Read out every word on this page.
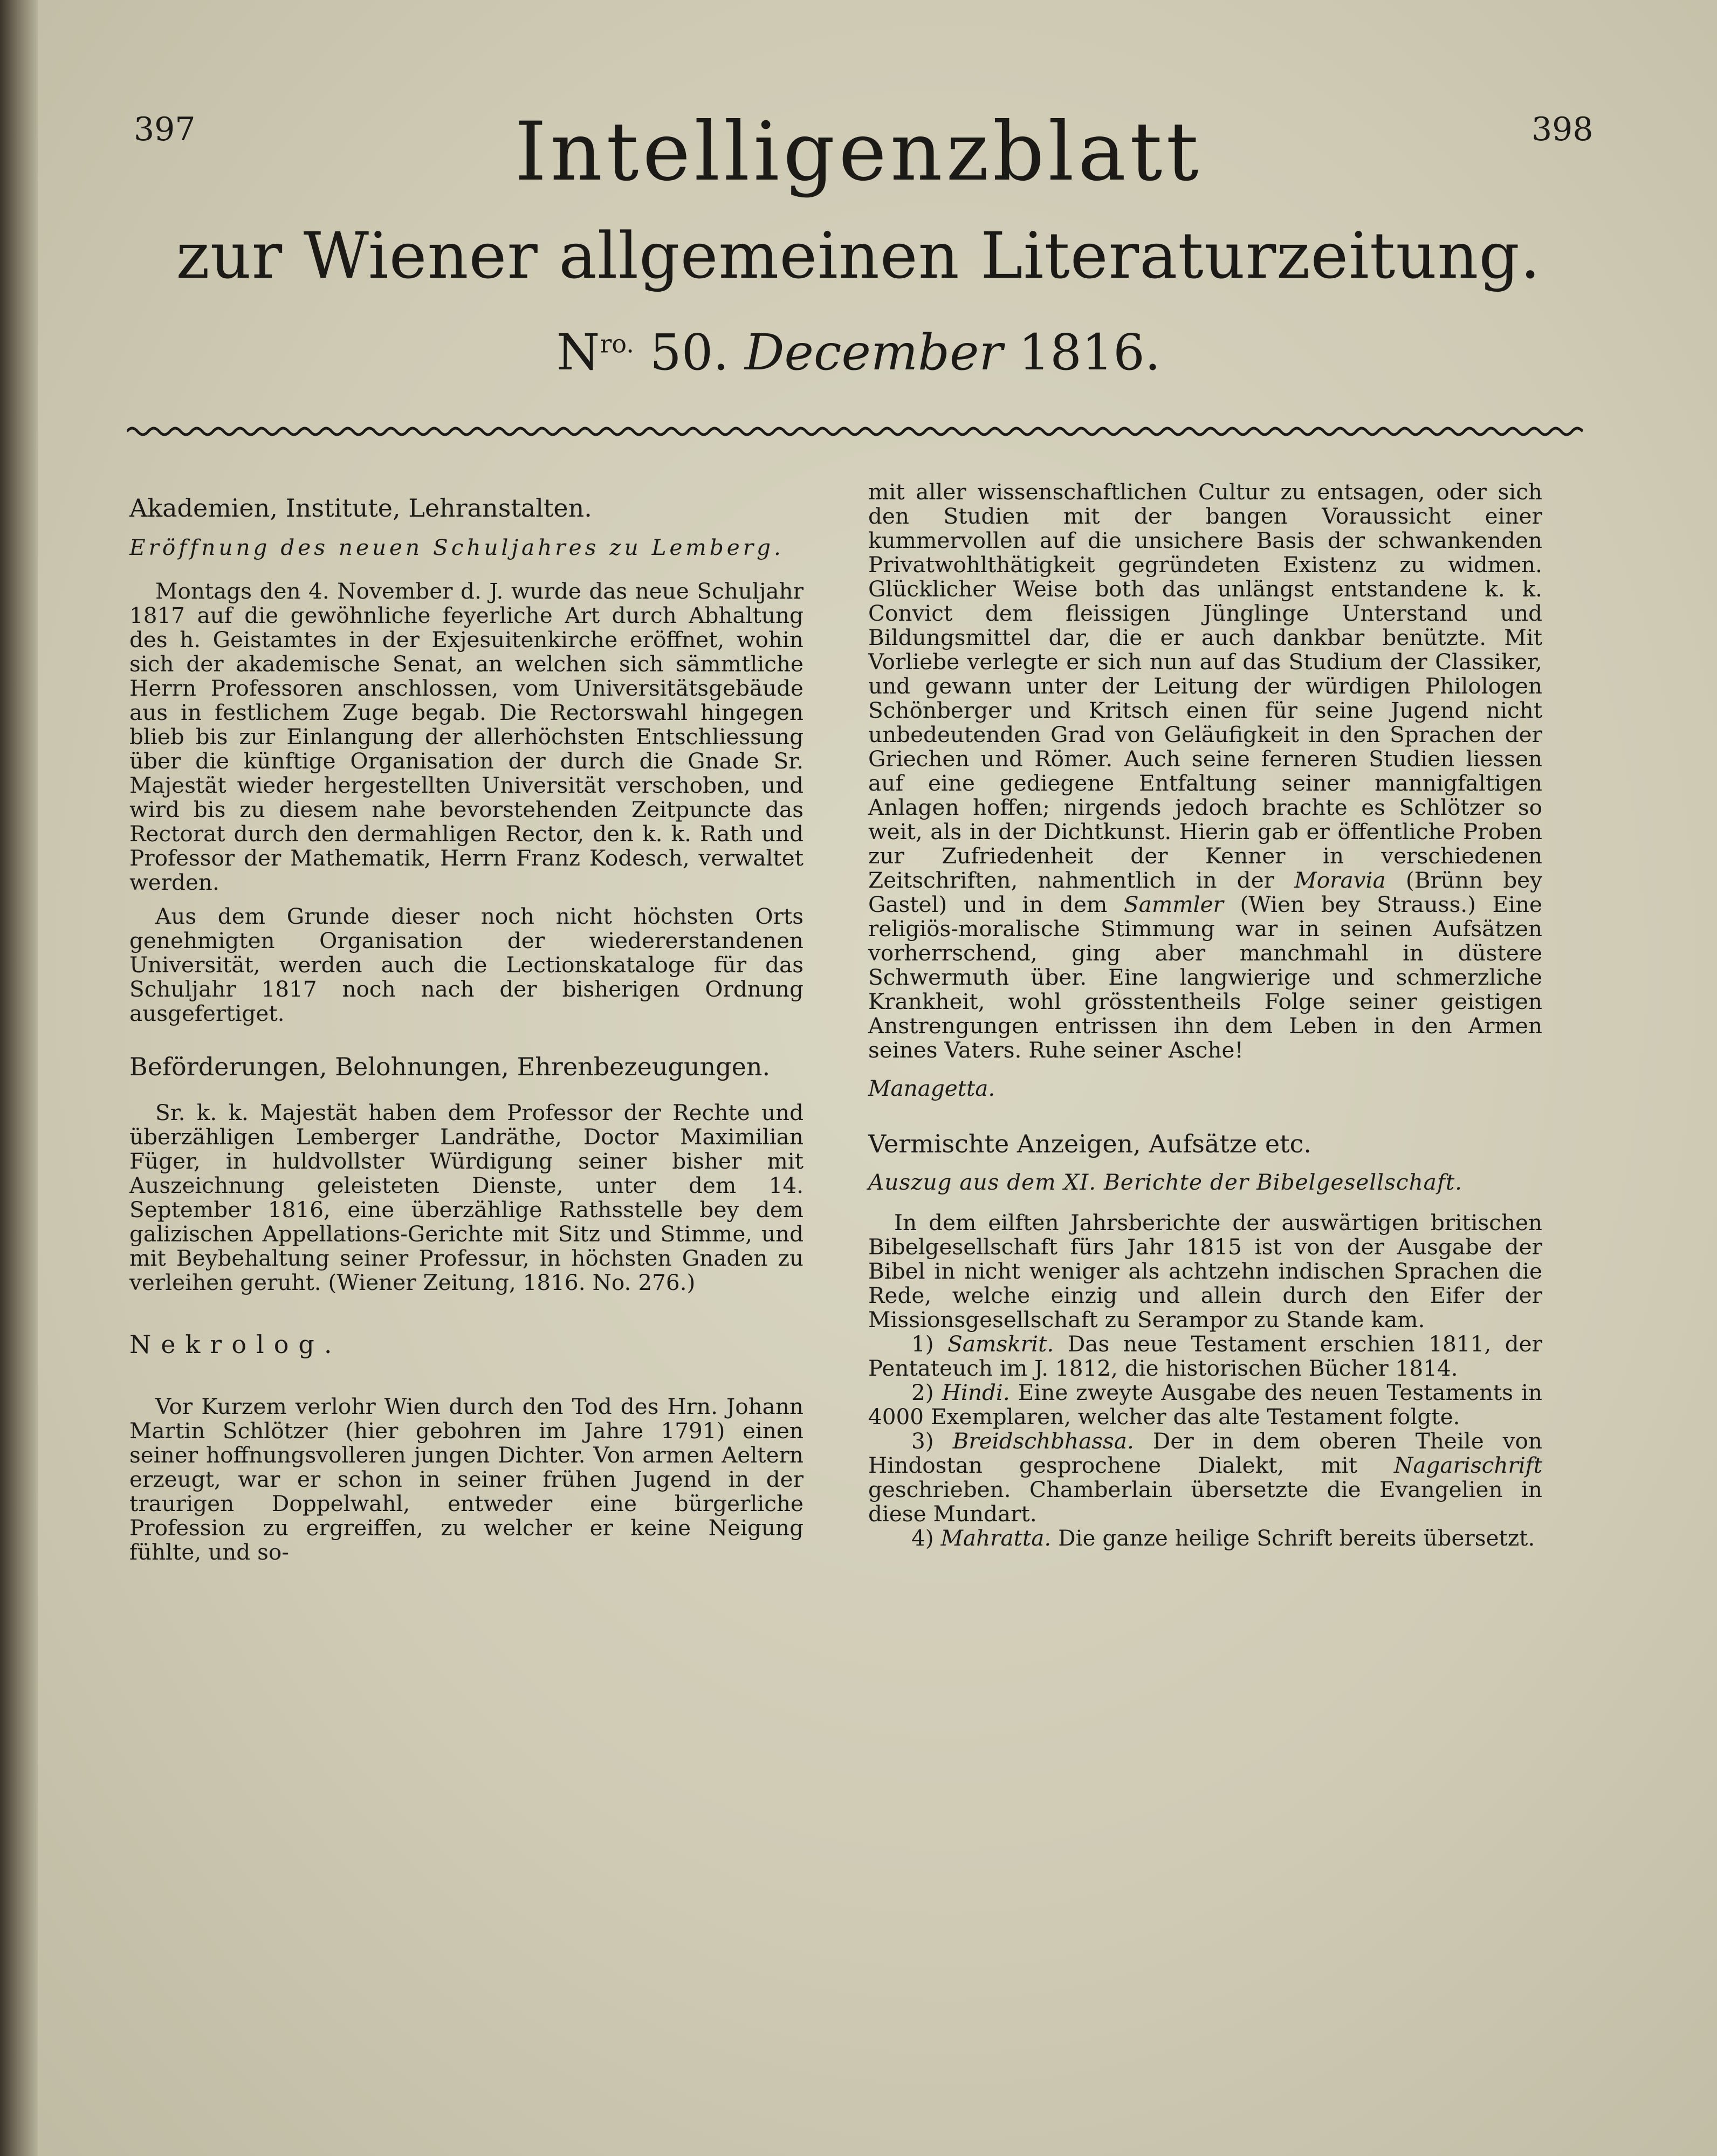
397	398
Intelligenzblatt
zur Wiener allgemeinen Literaturzeitung.
$N^{ro.}$ 50. December 1816.

Akademien, Institute, Lehranstalten.

Eröffnung des neuen Schuljahres zu Lemberg.

Montags den 4. November d. J. wurde das neue Schuljahr 1817 auf die gewöhnliche feyerliche Art durch Abhaltung des h. Geistamtes in der Exjesuitenkirche eröffnet, wohin sich der akademische Senat, an welchen sich sämmtliche Herrn Professoren anschlossen, vom Universitätsgebäude aus in festlichem Zuge begab. Die Rectorswahl hingegen blieb bis zur Einlangung der allerhöchsten Entschliessung über die künftige Organisation der durch die Gnade Sr. Majestät wieder hergestellten Universität verschoben, und wird bis zu diesem nahe bevorstehenden Zeitpuncte das Rectorat durch den dermahligen Rector, den k. k. Rath und Professor der Mathematik, Herrn Franz Kodesch, verwaltet werden.

Aus dem Grunde dieser noch nicht höchsten Orts genehmigten Organisation der wiedererstandenen Universität, werden auch die Lectionskataloge für das Schuljahr 1817 noch nach der bisherigen Ordnung ausgefertiget.

Beförderungen, Belohnungen, Ehrenbezeugungen.

Sr. k. k. Majestät haben dem Professor der Rechte und überzähligen Lemberger Landräthe, Doctor Maximilian Füger, in huldvollster Würdigung seiner bisher mit Auszeichnung geleisteten Dienste, unter dem 14. September 1816, eine überzählige Rathsstelle bey dem galizischen Appellations-Gerichte mit Sitz und Stimme, und mit Beybehaltung seiner Professur, in höchsten Gnaden zu verleihen geruht. (Wiener Zeitung, 1816. No. 276.)

Nekrolog.

Vor Kurzem verlohr Wien durch den Tod des Hrn. Johann Martin Schlötzer (hier gebohren im Jahre 1791) einen seiner hoffnungsvolleren jungen Dichter. Von armen Aeltern erzeugt, war er schon in seiner frühen Jugend in der traurigen Doppelwahl, entweder eine bürgerliche Profession zu ergreiffen, zu welcher er keine Neigung fühlte, und so-

mit aller wissenschaftlichen Cultur zu entsagen, oder sich den Studien mit der bangen Voraussicht einer kummervollen auf die unsichere Basis der schwankenden Privatwohlthätigkeit gegründeten Existenz zu widmen. Glücklicher Weise both das unlängst entstandene k. k. Convict dem fleissigen Jünglinge Unterstand und Bildungsmittel dar, die er auch dankbar benützte. Mit Vorliebe verlegte er sich nun auf das Studium der Classiker, und gewann unter der Leitung der würdigen Philologen Schönberger und Kritsch einen für seine Jugend nicht unbedeutenden Grad von Geläufigkeit in den Sprachen der Griechen und Römer. Auch seine ferneren Studien liessen auf eine gediegene Entfaltung seiner mannigfaltigen Anlagen hoffen; nirgends jedoch brachte es Schlötzer so weit, als in der Dichtkunst. Hierin gab er öffentliche Proben zur Zufriedenheit der Kenner in verschiedenen Zeitschriften, nahmentlich in der Moravia (Brünn bey Gastel) und in dem Sammler (Wien bey Strauss.) Eine religiös-moralische Stimmung war in seinen Aufsätzen vorherrschend, ging aber manchmahl in düstere Schwermuth über. Eine langwierige und schmerzliche Krankheit, wohl grösstentheils Folge seiner geistigen Anstrengungen entrissen ihn dem Leben in den Armen seines Vaters. Ruhe seiner Asche!

Managetta.

Vermischte Anzeigen, Aufsätze etc.

Auszug aus dem XI. Berichte der Bibelgesellschaft.

In dem eilften Jahrsberichte der auswärtigen britischen Bibelgesellschaft fürs Jahr 1815 ist von der Ausgabe der Bibel in nicht weniger als achtzehn indischen Sprachen die Rede, welche einzig und allein durch den Eifer der Missionsgesellschaft zu Serampor zu Stande kam.

1) Samskrit. Das neue Testament erschien 1811, der Pentateuch im J. 1812, die historischen Bücher 1814.

2) Hindi. Eine zweyte Ausgabe des neuen Testaments in 4000 Exemplaren, welcher das alte Testament folgte.

3) Breidschbhassa. Der in dem oberen Theile von Hindostan gesprochene Dialekt, mit Nagarischrift geschrieben. Chamberlain übersetzte die Evangelien in diese Mundart.

4) Mahratta. Die ganze heilige Schrift bereits übersetzt.
